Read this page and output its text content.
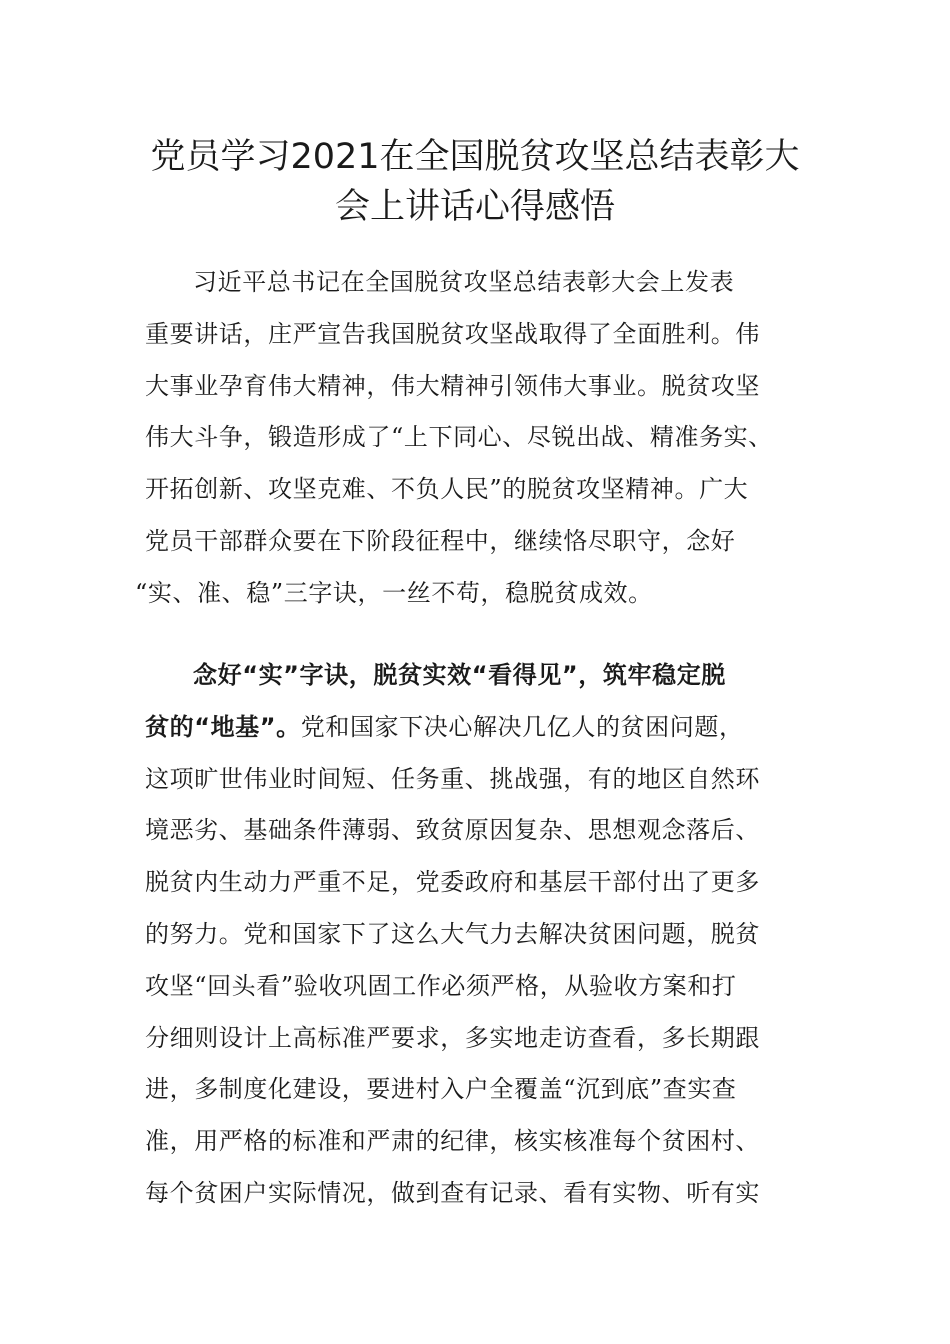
党员学习2021在全国脱贫攻坚总结表彰大
会上讲话心得感悟
习近平总书记在全国脱贫攻坚总结表彰大会上发表
重要讲话，庄严宣告我国脱贫攻坚战取得了全面胜利。伟
大事业孕育伟大精神，伟大精神引领伟大事业。脱贫攻坚
伟大斗争，锻造形成了“上下同心、尽锐出战、精准务实、
开拓创新、攻坚克难、不负人民”的脱贫攻坚精神。广大
党员干部群众要在下阶段征程中，继续恪尽职守，念好
“实、准、稳”三字诀，一丝不苟，稳脱贫成效。
念好“实”字诀，脱贫实效“看得见”，筑牢稳定脱
贫的“地基”。党和国家下决心解决几亿人的贫困问题，
这项旷世伟业时间短、任务重、挑战强，有的地区自然环
境恶劣、基础条件薄弱、致贫原因复杂、思想观念落后、
脱贫内生动力严重不足，党委政府和基层干部付出了更多
的努力。党和国家下了这么大气力去解决贫困问题，脱贫
攻坚“回头看”验收巩固工作必须严格，从验收方案和打
分细则设计上高标准严要求，多实地走访查看，多长期跟
进，多制度化建设，要进村入户全覆盖“沉到底”查实查
准，用严格的标准和严肃的纪律，核实核准每个贫困村、
每个贫困户实际情况，做到查有记录、看有实物、听有实
